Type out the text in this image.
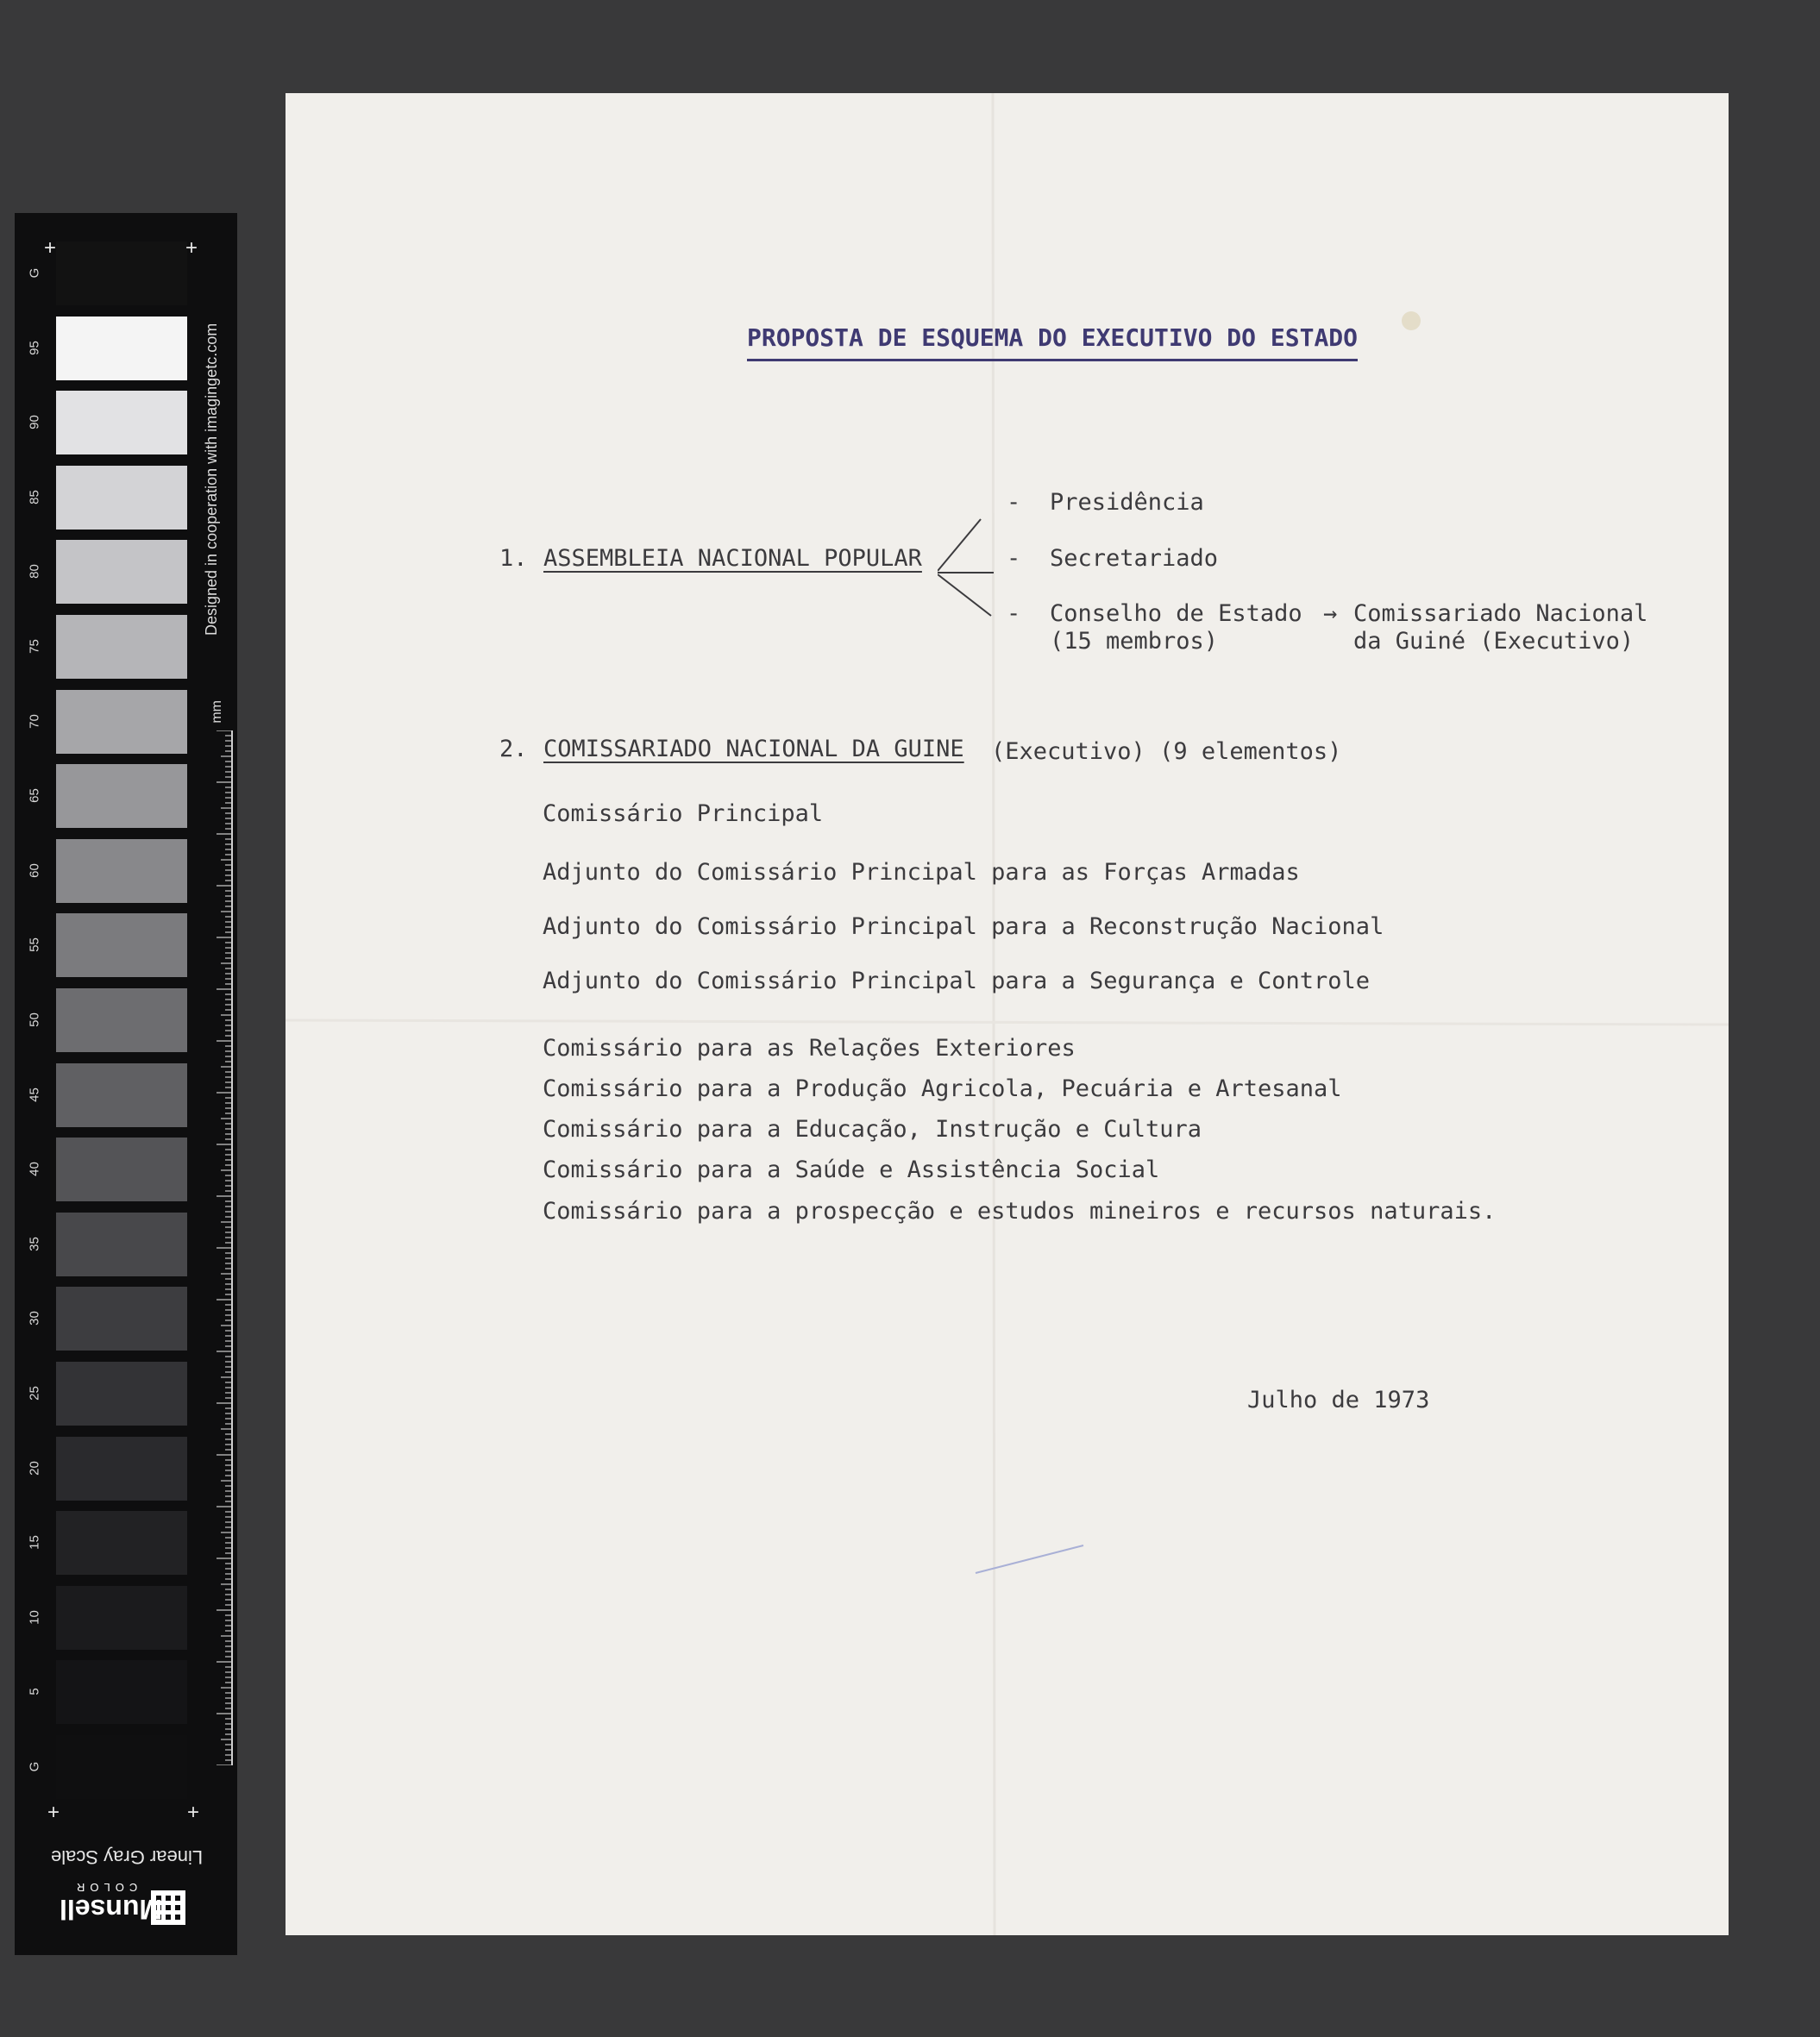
G
95
90
85
80
75
70
65
60
55
50
45
40
35
30
25
20
15
10
5
G
+	+
+	+
Designed in cooperation with imagingetc.com
mm
Linear Gray Scale
Munsell
COLOR
PROPOSTA DE ESQUEMA DO EXECUTIVO DO ESTADO
1. ASSEMBLEIA NACIONAL POPULAR
-
-
-
Presidência
Secretariado
Conselho de Estado
(15 membros)
→ Comissariado Nacional
da Guiné (Executivo)
2. COMISSARIADO NACIONAL DA GUINE (Executivo) (9 elementos)
Comissário Principal
Adjunto do Comissário Principal para as Forças Armadas
Adjunto do Comissário Principal para a Reconstrução Nacional
Adjunto do Comissário Principal para a Segurança e Controle
Comissário para as Relações Exteriores
Comissário para a Produção Agricola, Pecuária e Artesanal
Comissário para a Educação, Instrução e Cultura
Comissário para a Saúde e Assistência Social
Comissário para a prospecção e estudos mineiros e recursos naturais.
Julho de 1973
